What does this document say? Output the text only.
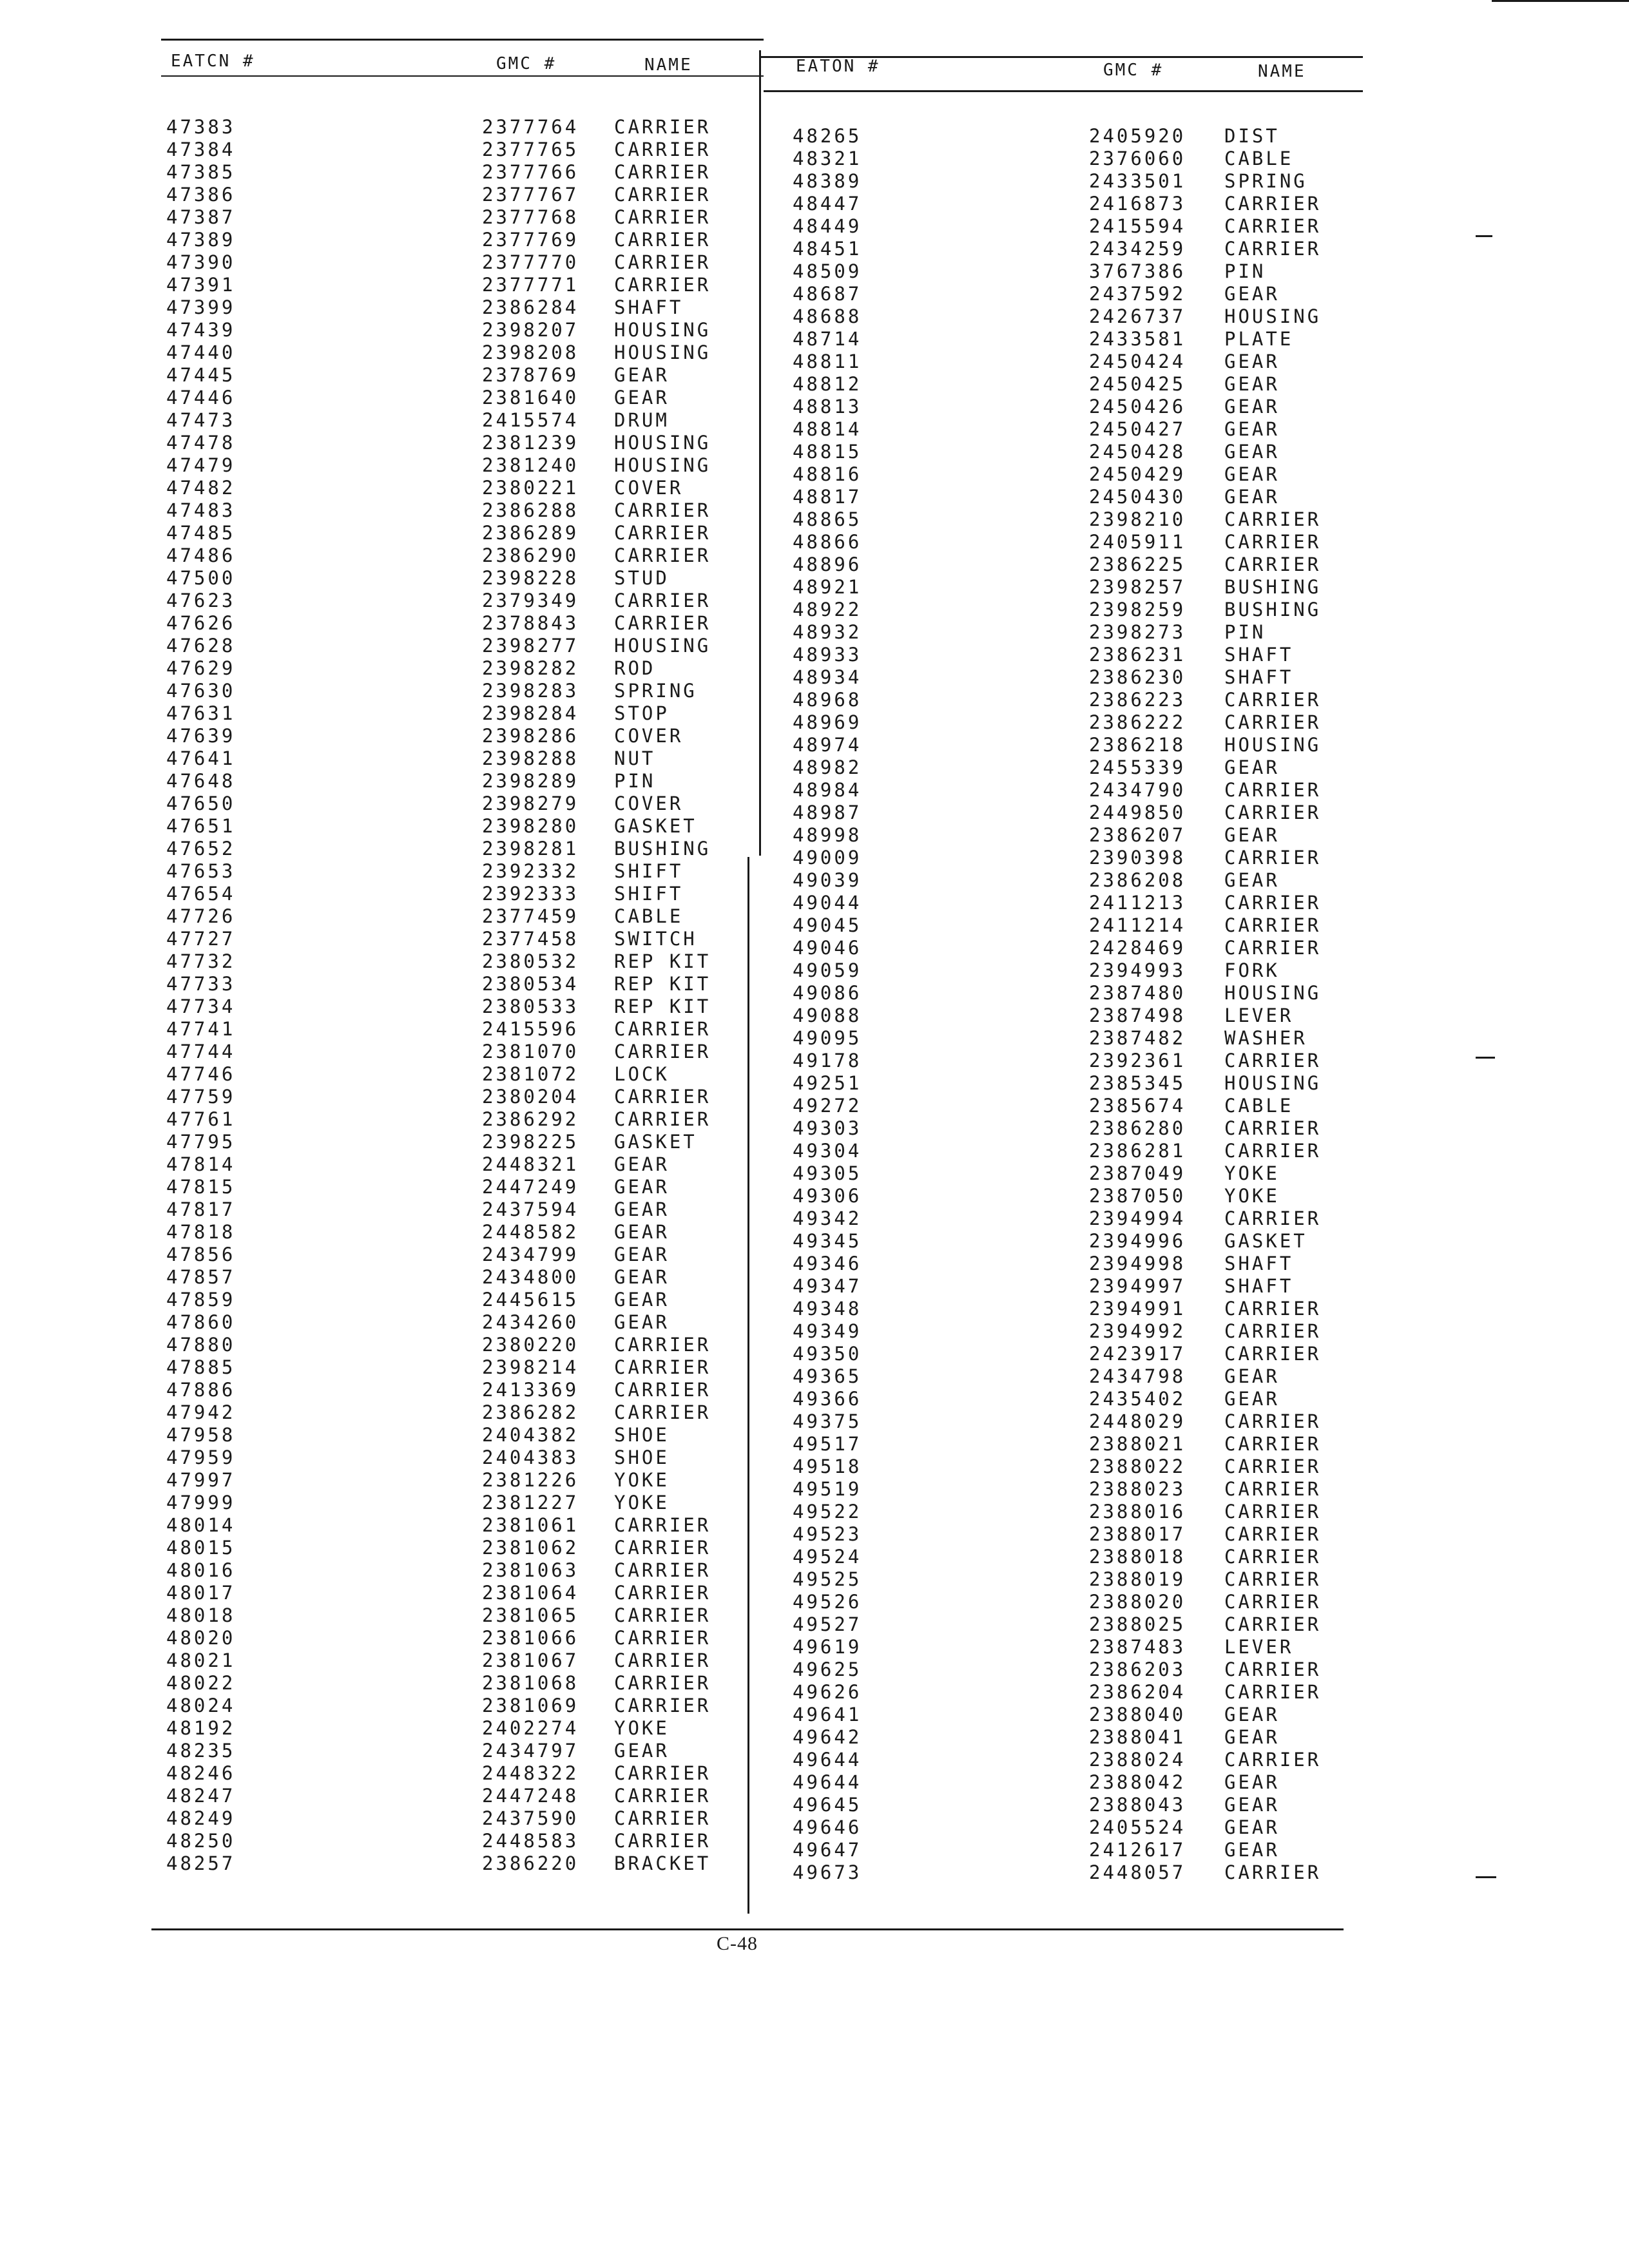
EATCN #	GMC #	NAME	EATON #	GMC #	NAME
47383	2377764 CARRIER
47384	2377765 CARRIER
47385	2377766 CARRIER
47386	2377767 CARRIER
47387	2377768 CARRIER
47389	2377769 CARRIER
47390	2377770 CARRIER
47391	2377771 CARRIER
47399	2386284 SHAFT
47439	2398207 HOUSING
47440	2398208 HOUSING
47445	2378769 GEAR
47446	2381640 GEAR
47473	2415574 DRUM
47478	2381239 HOUSING
47479	2381240 HOUSING
47482	2380221 COVER
47483	2386288 CARRIER
47485	2386289 CARRIER
47486	2386290 CARRIER
47500	2398228 STUD
47623	2379349 CARRIER
47626	2378843 CARRIER
47628	2398277 HOUSING
47629	2398282 ROD
47630	2398283 SPRING
47631	2398284 STOP
47639	2398286 COVER
47641	2398288 NUT
47648	2398289 PIN
47650	2398279 COVER
47651	2398280 GASKET
47652	2398281 BUSHING
47653	2392332 SHIFT
47654	2392333 SHIFT
47726	2377459 CABLE
47727	2377458 SWITCH
47732	2380532 REP KIT
47733	2380534 REP KIT
47734	2380533 REP KIT
47741	2415596 CARRIER
47744	2381070 CARRIER
47746	2381072 LOCK
47759	2380204 CARRIER
47761	2386292 CARRIER
47795	2398225 GASKET
47814	2448321 GEAR
47815	2447249 GEAR
47817	2437594 GEAR
47818	2448582 GEAR
47856	2434799 GEAR
47857	2434800 GEAR
47859	2445615 GEAR
47860	2434260 GEAR
47880	2380220 CARRIER
47885	2398214 CARRIER
47886	2413369 CARRIER
47942	2386282 CARRIER
47958	2404382 SHOE
47959	2404383 SHOE
47997	2381226 YOKE
47999	2381227 YOKE
48014	2381061 CARRIER
48015	2381062 CARRIER
48016	2381063 CARRIER
48017	2381064 CARRIER
48018	2381065 CARRIER
48020	2381066 CARRIER
48021	2381067 CARRIER
48022	2381068 CARRIER
48024	2381069 CARRIER
48192	2402274 YOKE
48235	2434797 GEAR
48246	2448322 CARRIER
48247	2447248 CARRIER
48249	2437590 CARRIER
48250	2448583 CARRIER
48257	2386220 BRACKET
48265	2405920 DIST
48321	2376060 CABLE
48389	2433501 SPRING
48447	2416873 CARRIER
48449	2415594 CARRIER
48451	2434259 CARRIER
48509	3767386 PIN
48687	2437592 GEAR
48688	2426737 HOUSING
48714	2433581 PLATE
48811	2450424 GEAR
48812	2450425 GEAR
48813	2450426 GEAR
48814	2450427 GEAR
48815	2450428 GEAR
48816	2450429 GEAR
48817	2450430 GEAR
48865	2398210 CARRIER
48866	2405911 CARRIER
48896	2386225 CARRIER
48921	2398257 BUSHING
48922	2398259 BUSHING
48932	2398273 PIN
48933	2386231 SHAFT
48934	2386230 SHAFT
48968	2386223 CARRIER
48969	2386222 CARRIER
48974	2386218 HOUSING
48982	2455339 GEAR
48984	2434790 CARRIER
48987	2449850 CARRIER
48998	2386207 GEAR
49009	2390398 CARRIER
49039	2386208 GEAR
49044	2411213 CARRIER
49045	2411214 CARRIER
49046	2428469 CARRIER
49059	2394993 FORK
49086	2387480 HOUSING
49088	2387498 LEVER
49095	2387482 WASHER
49178	2392361 CARRIER
49251	2385345 HOUSING
49272	2385674 CABLE
49303	2386280 CARRIER
49304	2386281 CARRIER
49305	2387049 YOKE
49306	2387050 YOKE
49342	2394994 CARRIER
49345	2394996 GASKET
49346	2394998 SHAFT
49347	2394997 SHAFT
49348	2394991 CARRIER
49349	2394992 CARRIER
49350	2423917 CARRIER
49365	2434798 GEAR
49366	2435402 GEAR
49375	2448029 CARRIER
49517	2388021 CARRIER
49518	2388022 CARRIER
49519	2388023 CARRIER
49522	2388016 CARRIER
49523	2388017 CARRIER
49524	2388018 CARRIER
49525	2388019 CARRIER
49526	2388020 CARRIER
49527	2388025 CARRIER
49619	2387483 LEVER
49625	2386203 CARRIER
49626	2386204 CARRIER
49641	2388040 GEAR
49642	2388041 GEAR
49644	2388024 CARRIER
49644	2388042 GEAR
49645	2388043 GEAR
49646	2405524 GEAR
49647	2412617 GEAR
49673	2448057 CARRIER
C-48
